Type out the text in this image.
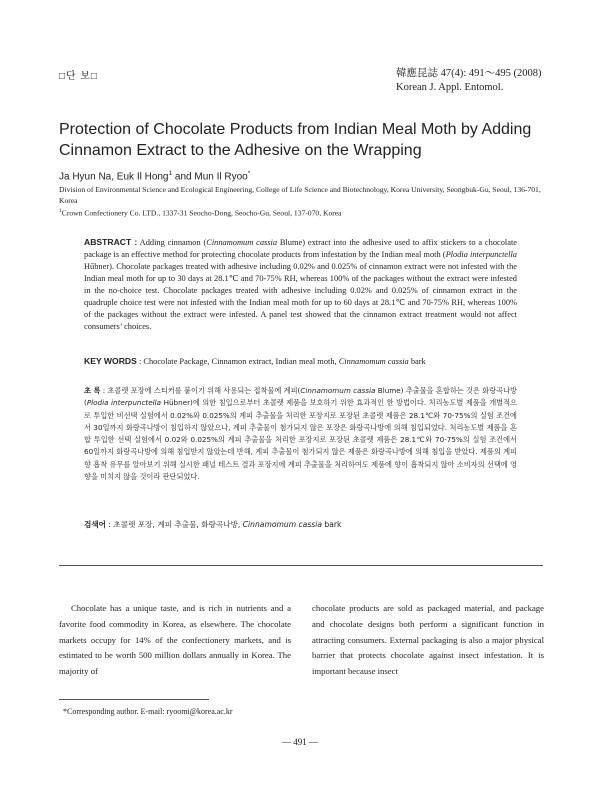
□단 보□	韓應昆誌 47(4): 491～495 (2008)
Korean J. Appl. Entomol.
Protection of Chocolate Products from Indian Meal Moth by Adding Cinnamon Extract to the Adhesive on the Wrapping
Ja Hyun Na, Euk Il Hong$^1$ and Mun Il Ryoo*
Division of Environmental Science and Ecological Engineering, College of Life Science and Biotechnology, Korea University, Seongbuk-Gu, Seoul, 136-701, Korea
$^1$Crown Confectionery Co. LTD., 1337-31 Seocho-Dong, Seocho-Gu, Seoul, 137-070, Korea
ABSTRACT : Adding cinnamon (Cinnamomum cassia Blume) extract into the adhesive used to affix stickers to a chocolate package is an effective method for protecting chocolate products from infestation by the Indian meal moth (Plodia interpunctella Hűbner). Chocolate packages treated with adhesive including 0.02% and 0.025% of cinnamon extract were not infested with the Indian meal moth for up to 30 days at 28.1℃ and 70-75% RH, whereas 100% of the packages without the extract were infested in the no-choice test. Chocolate packages treated with adhesive including 0.02% and 0.025% of cinnamon extract in the quadruple choice test were not infested with the Indian meal moth for up to 60 days at 28.1℃ and 70-75% RH, whereas 100% of the packages without the extract were infested. A panel test showed that the cinnamon extract treatment would not affect consumers’ choices.
KEY WORDS : Chocolate Package, Cinnamon extract, Indian meal moth, Cinnamomum cassia bark
초 록 : 초콜렛 포장에 스티커를 붙이기 위해 사용되는 접착물에 계피(Cinnamomum cassia Blume) 추출물을 혼합하는 것은 화랑곡나방(Plodia interpunctella Hübner)에 의한 침입으로부터 초콜렛 제품을 보호하기 위한 효과적인 한 방법이다. 처리농도별 제품을 개별적으로 투입한 비선택 실험에서 0.02%와 0.025%의 계피 추출물을 처리한 포장지로 포장된 초콜렛 제품은 28.1℃와 70-75%의 실험 조건에서 30일까지 화랑곡나방이 침입하지 않았으나, 계피 추출물이 첨가되지 않은 포장은 화랑곡나방에 의해 침입되었다. 처리농도별 제품을 혼합 투입한 선택 실험에서 0.02와 0.025%의 계피 추출물을 처리한 포장지로 포장된 초콜렛 제품은 28.1℃와 70-75%의 실험 조건에서 60일까지 화랑곡나방에 의해 침입받지 않았는데 반해, 계피 추출물이 첨가되지 않은 제품은 화랑곡나방에 의해 침입을 받았다. 제품의 계피향 흡착 유무를 알아보기 위해 실시한 패널 테스트 결과 포장지에 계피 추출물을 처리하여도 제품에 향이 흡착되지 않아 소비자의 선택에 영향을 미치지 않을 것이라 판단되었다.
검색어 : 초콜렛 포장, 계피 추출물, 화랑곡나방, Cinnamomum cassia bark

Chocolate has a unique taste, and is rich in nutrients and a favorite food commodity in Korea, as elsewhere. The chocolate markets occupy for 14% of the confectionery markets, and is estimated to be worth 500 million dollars annually in Korea. The majority of

chocolate products are sold as packaged material, and package and chocolate designs both perform a significant function in attracting consumers. External packaging is also a major physical barrier that protects chocolate against insect infestation. It is important because insect

*Corresponding author. E-mail: ryoomi@korea.ac.kr
― 491 ―
